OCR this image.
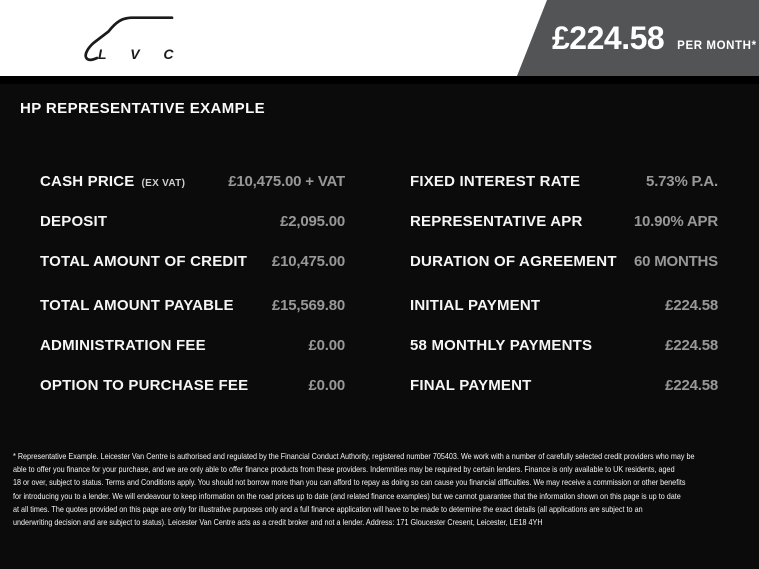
L V C	£224.58 PER MONTH*
HP REPRESENTATIVE EXAMPLE
CASH PRICE (EX VAT)	£10,475.00 + VAT
DEPOSIT	£2,095.00
TOTAL AMOUNT OF CREDIT £10,475.00
TOTAL AMOUNT PAYABLE	£15,569.80
ADMINISTRATION FEE	£0.00
OPTION TO PURCHASE FEE	£0.00
FIXED INTEREST RATE	5.73% P.A.
REPRESENTATIVE APR	10.90% APR
DURATION OF AGREEMENT 60 MONTHS
INITIAL PAYMENT	£224.58
58 MONTHLY PAYMENTS	£224.58
FINAL PAYMENT	£224.58
* Representative Example. Leicester Van Centre is authorised and regulated by the Financial Conduct Authority, registered number 705403. We work with a number of carefully selected credit providers who may be
able to offer you finance for your purchase, and we are only able to offer finance products from these providers. Indemnities may be required by certain lenders. Finance is only available to UK residents, aged
18 or over, subject to status. Terms and Conditions apply. You should not borrow more than you can afford to repay as doing so can cause you financial difficulties. We may receive a commission or other benefits
for introducing you to a lender. We will endeavour to keep information on the road prices up to date (and related finance examples) but we cannot guarantee that the information shown on this page is up to date
at all times. The quotes provided on this page are only for illustrative purposes only and a full finance application will have to be made to determine the exact details (all applications are subject to an
underwriting decision and are subject to status). Leicester Van Centre acts as a credit broker and not a lender. Address: 171 Gloucester Cresent, Leicester, LE18 4YH
